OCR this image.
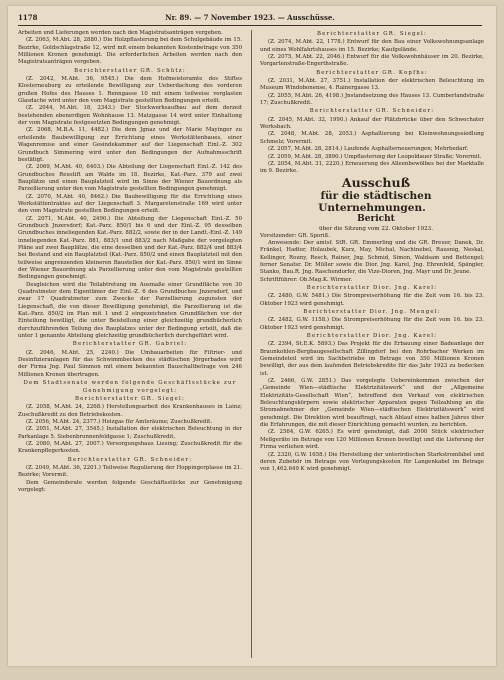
1178	Nr. 89. — 7 November 1923. — Ausschüsse.

Arbeiten und Lieferungen werden nach den Magistratsanträgen vergeben.

(Z. 2063, M.Abt. 28, 2880.) Die Holzpflasterung bei dem Schulgebäude im 15. Bezirke, Goldschlagstraße 12, wird mit einem bekannten Kostenbetrage von 350 Millionen Kronen genehmigt. Die erforderlichen Arbeiten werden nach den Magistratsanträgen vergeben.

Berichterstatter GR. Schütz:

(Z. 2042, M.Abt. 36, 9545.) Die dem Hofmeisteramte des Stiftes Klosterneuburg zu erteilende Bewilligung zur Ueberdachung des vorderen großen Hofes des Hauses 1. Renngasse 10 mit einem teilweise verglasten Glasdache wird unter den vom Magistrate gestellten Bedingungen erteilt.

(Z. 2044, M.Abt. 18, 2343.) Der Stockwerksaufbau auf dem derzeit bestehenden ebenerdigen Wohnhause 13. Matzgasse 14 wird unter Einhaltung der vom Magistrate festgesetzten Bedingungen genehmigt.

(Z. 2068, M.B.A. 11, 4482.) Die dem Jgnaz und der Marie Mayinger zu erteilende Baubewilligung zur Errichtung eines Werkstättenbaues, einer Wagenremise und einer Gesindekammer auf der Liegenschaft Einl.-Z. 302 Grundbuch Simmering wird unter den Bedingungen der Aufnahmsschrift bestätigt.

(Z. 2069, M.Abt. 40, 6403.) Die Abteilung der Liegenschaft Einl.-Z. 142 des Grundbuches Reustift am Walde im 18. Bezirke, Kat.-Parz. 379 auf zwei Bauplätze und einen Bauplatzteil wird im Sinne der Wiener Bauordnung als Parzellierung unter den vom Magistrate gestellten Bedingungen genehmigt.

(Z. 2070, M.Abt. 40, 8462.) Die Baubewilligung für die Errichtung eines Werkstättentraktes auf der Liegenschaft 3. Margaretenstraße 169 wird unter den vom Magistrate gestellten Bedingungen erteilt.

(Z. 2071, M.Abt. 40, 2490.) Die Abteilung der Liegenschaft Einl.-Z. 50 Grundbuch Jnzersdorf; Kat.-Parz. 850/1 bis 6 und der Einl.-Z. 95 desselben Grundbuches inneliegenden Kat.-Parz. 882/2, sowie der in der Landt.-Einl.-Z. 149 inneliegenden Kat.-Parz. 881, 883/1 und 883/2 nach Maßgabe der vorgelegten Pläne auf zwei Bauplätze, die eine desselben und der Kat.-Parz. 882/4 und 883/4 bei Bestand und ein Bauplatzteil (Kat.-Parz. 850/2 und einen Bauplatzteil mit den teilweise angrenzenden kleineren Baustellen der Kat.-Parz. 850/1 wird im Sinne der Wiener Bauordnung als Parzellierung unter den vom Magistrate gestellten Bedingungen genehmigt.

Desgleichen wird die Teilabtretung im Ausmaße einer Grundfläche von 30 Quadratmeter dem Eigentümer der Einl.-Z. 6 des Grundbuches Jnzersdorf, und zwar 17 Quadratmeter zum Zwecke der Parzellierung zugunsten der Liegenschaft, die von dieser Bewilligung genehmigt, die Parzellierung ist die Kat.-Parz. 850/2 im Plan mit 1 und 2 eingezeichneten Grundflächen vor der Einteilung bewilligt, die unter Beistellung einer gleichzeitig grundbücherlich durchzuführenden Teilung des Bauplatzes unter der Bedingung erteilt, daß die unter 1 genannte Abteilung gleichzeitig grundbücherlich durchgeführt wird.

Berichterstatter GR. Gabriel:

(Z. 2046, M.Abt. 25, 2240.) Die Umbauarbeiten für Filtrier- und Desinfizieranlagen für das Schwimmbecken des städtischen Jörgerbades wird der Firma Jng. Paul Simmon mit einem bekannten Bauschaltbetrage von 246 Millionen Kronen übertragen.

Dem Stadtsenate werden folgende Geschäftsstücke zur Genehmigung vorgelegt:

Berichterstatter GR. Siegel:

(Z. 2058, M.Abt. 24, 2268.) Herstellungsarbeit des Krankenhauses in Lainz; Zuschußkredit zu den Betriebskosten.

(Z. 2056, M.Abt. 24, 2377.) Heizgas für Amtsräume; Zuschußkredit.

(Z. 2051, M.Abt. 27, 3545.) Installation der elektrischen Beleuchtung in der Parkanlage 5. Siebenbrunnenfeldgasse 1; Zuschußkredit.

(Z. 2080, M.Abt. 27, 2007.) Versorgungshaus Liesing; Zuschußkredit für die Krankenpflegerkosten.

Berichterstatter GR. Schneider:

(Z. 2049, M.Abt. 36, 2201.) Teilweise Regulierung der Hoppingerplasse im 21. Bezirke; Vorermit.

Dem Gemeinderate werden folgende Geschäftsstücke zur Genehmigung vorgelegt:

Berichterstatter GR. Siegel:

(Z. 2074, M.Abt. 22, 1778.) Entwurf für den Bau einer Volkswohnungsanlage und eines Wohlfahrtshauses im 15. Bezirke; Kaufgelände.

(Z. 2075, M.Abt. 22, 2046.) Entwurf für die Volkswohnhäuser im 20. Bezirke, Vorgartenstraße-Engerthstraße.

Berichterstatter GR. Kopfhs:

(Z. 2031, M.Abt. 27, 3751.) Installation der elektrischen Beleuchtung im Museum Windobonense, 4. Rainergasse 13.

(Z. 2055, M.Abt. 26, 4198.) Jnstandsetzung des Hauses 13. Cumberlandstraße 17; Zuschußkredit.

Berichterstatter GR. Schneider:

(Z. 2045, M.Abt. 32, 1990.) Ankauf der Plätzbrücke über den Schwechater Werksbach.

(Z. 2048, M.Abt. 28, 2053.) Asphaltierung bei Kleinwohnungssiedlung Schmelz; Vorermit.

(Z. 2057, M.Abt. 28, 2814.) Laufende Asphalterneuerungen; Mehrbedarf.

(Z. 2059, M.Abt. 28, 3890.) Umpflasterung der Leopoldauer Straße; Vorermit.

(Z. 2054, M.Abt. 31, 2220.) Erneuerung des Alleenbewölbes bei der Marktalle im 9. Bezirke.

Ausschuß

für die städtischen Unternehmungen.

Bericht

über die Sitzung vom 22. Oktober 1923.

Vorsitzender: GR. Sporiß.

Anwesende: Der amtsf. StR. GR. Emmerling und die GR. Breuer, Danek, Dr. Fränkel, Hadter, Holaubek, Kurz, May, Michal, Nachtnebel, Rausnig, Neskal, Kellinger, Rouny, Resch, Rainer, Jng. Schmid, Simon, Waldsam und Bettengel; ferner Senatsr. Dr. Müller sowie die Dior. Jng. Karel, Jng. Ehrenfeld, Spängler, Stanko, Bau.R. Jng. Raschendorfer, die Vize-Dioren, Jng. Mayr und Dr. Jeune.

Schriftführer: Ob.Mag.K. Wirmer.

Berichterstatter Dior. Jng. Karel:

(Z. 2480, G.W. 5481.) Die Strompreiserhöhung für die Zeit vom 16. bis 23. Oktober 1923 wird genehmigt.

Berichterstatter Dior. Jng. Mengel:

(Z. 2482, G.W. 1158.) Die Strompreiserhöhung für die Zeit vom 16. bis 23. Oktober 1923 wird genehmigt.

Berichterstatter Dior. Jng. Karel:

(Z. 2394, St.E.K. 5893.) Das Projekt für die Erbauung einer Badeanlage der Braunkohlen-Bergbaugesellschaft Zillingdorf bei den Rohrbacher Werken im Gemeindeteil wird im Sachbetriebe im Betrage von 350 Millionen Kronen bewilligt, der aus dem laufenden Betriebskredite für das Jahr 1923 zu bedecken ist.

(Z. 2466, G.W. 2851.) Das vorgelegte Uebereinkommen zwischen der „Gemeinde Wien—städtische Elektrizitätswerk“ und der „Allgemeine Elektrizitäts-Gesellschaft Wien“, betreffend den Verkauf von elektrischen Beleuchtungskörpern sowie elektrischer Apparaten gegen Teilzahlung an die Stromabnehmer der „Gemeinde Wien—städtischen Elektrizitätswerk“ wird genehmigt. Die Direktion wird beauftragt, nach Ablauf eines halben Jahres über die Erfahrungen, die mit dieser Einrichtung gemacht wurden, zu berichten.

(Z. 2564, G.W. 6265.) Es wird genehmigt, daß 2000 Stück elektrischer Meßgeräte im Betrage von 120 Millionen Kronen bewilligt und die Lieferung der Firma verliehen wird.

(Z. 2320, G.W. 1658.) Die Herstellung der unterirdischen Starkstromfabel und deren Zubehör im Betrage von Verlegungskosten für Langenkabel im Betrage von 1,462.649 K wird genehmigt.
